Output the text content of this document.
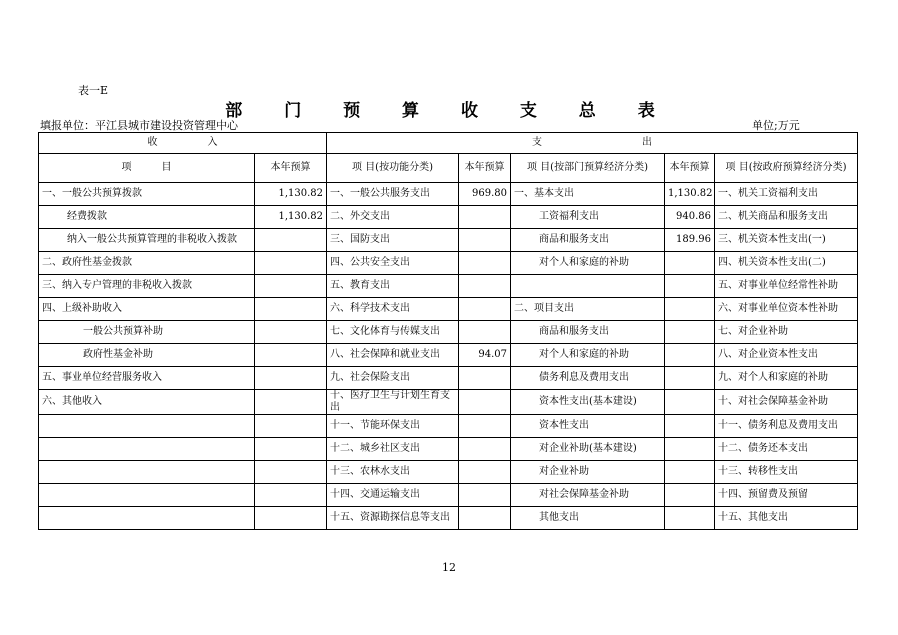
表一E
部 门 预 算 收 支 总 表
填报单位：平江县城市建设投资管理中心	单位;万元
收　　　　　入		支　　　　　　　　　　出				
项　　　目	本年预算	项 目(按功能分类)	本年预算	项 目(按部门预算经济分类)	本年预算	项 目(按政府预算经济分类)
一、一般公共预算拨款	1,130.82	一、一般公共服务支出	969.80	一、基本支出	1,130.82	一、机关工资福利支出
经费拨款	1,130.82	二、外交支出		工资福利支出	940.86	二、机关商品和服务支出
纳入一般公共预算管理的非税收入拨款		三、国防支出		商品和服务支出	189.96	三、机关资本性支出(一)
二、政府性基金拨款		四、公共安全支出		对个人和家庭的补助		四、机关资本性支出(二)
三、纳入专户管理的非税收入拨款		五、教育支出				五、对事业单位经常性补助
四、上级补助收入		六、科学技术支出		二、项目支出		六、对事业单位资本性补助
一般公共预算补助		七、文化体育与传媒支出		商品和服务支出		七、对企业补助
政府性基金补助		八、社会保障和就业支出	94.07	对个人和家庭的补助		八、对企业资本性支出
五、事业单位经营服务收入		九、社会保险支出		债务利息及费用支出		九、对个人和家庭的补助
六、其他收入		十、医疗卫生与计划生育支出		资本性支出(基本建设)		十、对社会保障基金补助
		十一、节能环保支出		资本性支出		十一、债务利息及费用支出
		十二、城乡社区支出		对企业补助(基本建设)		十二、债务还本支出
		十三、农林水支出		对企业补助		十三、转移性支出
		十四、交通运输支出		对社会保障基金补助		十四、预留费及预留
		十五、资源勘探信息等支出		其他支出		十五、其他支出
12
